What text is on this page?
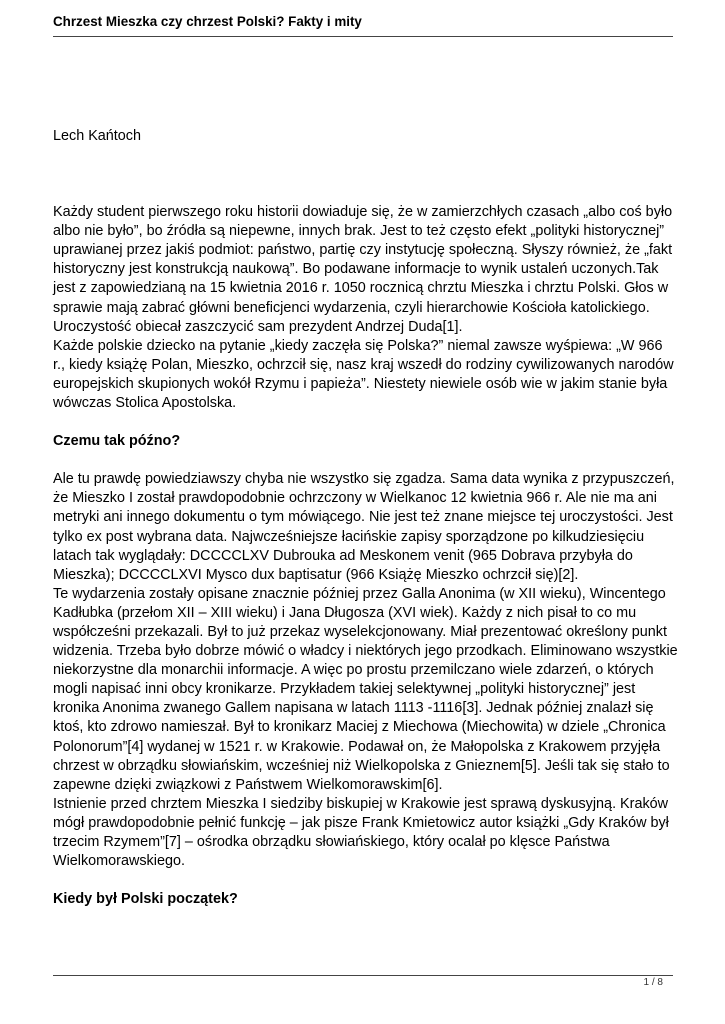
Chrzest Mieszka czy chrzest Polski? Fakty i mity

Lech Kańtoch

Każdy student pierwszego roku historii dowiaduje się, że w zamierzchłych czasach „albo coś było albo nie było”, bo źródła są niepewne, innych brak. Jest to też często efekt „polityki historycznej” uprawianej przez jakiś podmiot: państwo, partię czy instytucję społeczną. Słyszy również, że „fakt historyczny jest konstrukcją naukową”. Bo podawane informacje to wynik ustaleń uczonych.Tak jest z zapowiedzianą na 15 kwietnia 2016 r. 1050 rocznicą chrztu Mieszka i chrztu Polski. Głos w sprawie mają zabrać główni beneficjenci wydarzenia, czyli hierarchowie Kościoła katolickiego. Uroczystość obiecał zaszczycić sam prezydent Andrzej Duda[1].

Każde polskie dziecko na pytanie „kiedy zaczęła się Polska?” niemal zawsze wyśpiewa: „W 966 r., kiedy książę Polan, Mieszko, ochrzcił się, nasz kraj wszedł do rodziny cywilizowanych narodów europejskich skupionych wokół Rzymu i papieża”. Niestety niewiele osób wie w jakim stanie była wówczas Stolica Apostolska.

Czemu tak późno?

Ale tu prawdę powiedziawszy chyba nie wszystko się zgadza. Sama data wynika z przypuszczeń, że Mieszko I został prawdopodobnie ochrzczony w Wielkanoc 12 kwietnia 966 r. Ale nie ma ani metryki ani innego dokumentu o tym mówiącego. Nie jest też znane miejsce tej uroczystości. Jest tylko ex post wybrana data. Najwcześniejsze łacińskie zapisy sporządzone po kilkudziesięciu latach tak wyglądały: DCCCCLXV Dubrouka ad Meskonem venit (965 Dobrava przybyła do Mieszka); DCCCCLXVI Mysco dux baptisatur (966 Książę Mieszko ochrzcił się)[2].

Te wydarzenia zostały opisane znacznie później przez Galla Anonima (w XII wieku), Wincentego Kadłubka (przełom XII – XIII wieku) i Jana Długosza (XVI wiek). Każdy z nich pisał to co mu współcześni przekazali. Był to już przekaz wyselekcjonowany. Miał prezentować określony punkt widzenia. Trzeba było dobrze mówić o władcy i niektórych jego przodkach. Eliminowano wszystkie niekorzystne dla monarchii informacje. A więc po prostu przemilczano wiele zdarzeń, o których mogli napisać inni obcy kronikarze. Przykładem takiej selektywnej „polityki historycznej” jest kronika Anonima zwanego Gallem napisana w latach 1113 -1116[3]. Jednak później znalazł się ktoś, kto zdrowo namieszał. Był to kronikarz Maciej z Miechowa (Miechowita) w dziele „Chronica Polonorum”[4] wydanej w 1521 r. w Krakowie. Podawał on, że Małopolska z Krakowem przyjęła chrzest w obrządku słowiańskim, wcześniej niż Wielkopolska z Gnieznem[5]. Jeśli tak się stało to zapewne dzięki związkowi z Państwem Wielkomorawskim[6].

Istnienie przed chrztem Mieszka I siedziby biskupiej w Krakowie jest sprawą dyskusyjną. Kraków mógł prawdopodobnie pełnić funkcję – jak pisze Frank Kmietowicz autor książki „Gdy Kraków był trzecim Rzymem”[7] – ośrodka obrządku słowiańskiego, który ocalał po klęsce Państwa Wielkomorawskiego.

Kiedy był Polski początek?

1 / 8
